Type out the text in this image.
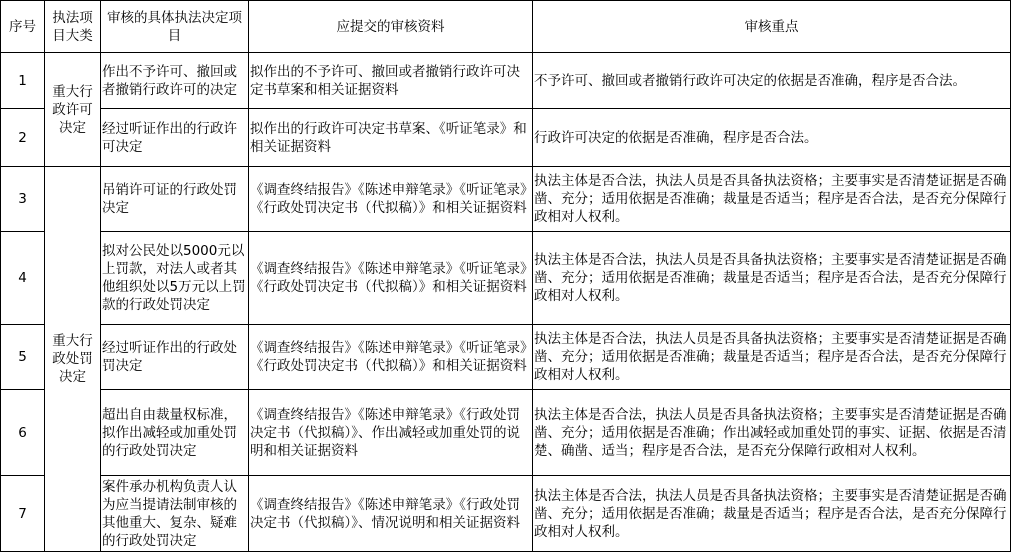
序号	执法项目大类	审核的具体执法决定项目	应提交的审核资料	审核重点
1	重大行政许可决定	作出不予许可、撤回或者撤销行政许可的决定	拟作出的不予许可、撤回或者撤销行政许可决定书草案和相关证据资料	不予许可、撤回或者撤销行政许可决定的依据是否准确，程序是否合法。
2		经过听证作出的行政许可决定	拟作出的行政许可决定书草案、《听证笔录》和相关证据资料	行政许可决定的依据是否准确，程序是否合法。
3	重大行政处罚决定	吊销许可证的行政处罚决定	《调查终结报告》《陈述申辩笔录》《听证笔录》《行政处罚决定书（代拟稿）》和相关证据资料	执法主体是否合法，执法人员是否具备执法资格；主要事实是否清楚证据是否确凿、充分；适用依据是否准确；裁量是否适当；程序是否合法，是否充分保障行政相对人权利。
4		拟对公民处以5000元以上罚款，对法人或者其他组织处以5万元以上罚款的行政处罚决定	《调查终结报告》《陈述申辩笔录》《听证笔录》《行政处罚决定书（代拟稿）》和相关证据资料	执法主体是否合法，执法人员是否具备执法资格；主要事实是否清楚证据是否确凿、充分；适用依据是否准确；裁量是否适当；程序是否合法，是否充分保障行政相对人权利。
5		经过听证作出的行政处罚决定	《调查终结报告》《陈述申辩笔录》《听证笔录》《行政处罚决定书（代拟稿）》和相关证据资料	执法主体是否合法，执法人员是否具备执法资格；主要事实是否清楚证据是否确凿、充分；适用依据是否准确；裁量是否适当；程序是否合法，是否充分保障行政相对人权利。
6		超出自由裁量权标准，拟作出减轻或加重处罚的行政处罚决定	《调查终结报告》《陈述申辩笔录》《行政处罚决定书（代拟稿）》、作出减轻或加重处罚的说明和相关证据资料	执法主体是否合法，执法人员是否具备执法资格；主要事实是否清楚证据是否确凿、充分；适用依据是否准确；作出减轻或加重处罚的事实、证据、依据是否清楚、确凿、适当；程序是否合法，是否充分保障行政相对人权利。
7		案件承办机构负责人认为应当提请法制审核的其他重大、复杂、疑难的行政处罚决定	《调查终结报告》《陈述申辩笔录》《行政处罚决定书（代拟稿）》、情况说明和相关证据资料	执法主体是否合法，执法人员是否具备执法资格；主要事实是否清楚证据是否确凿、充分；适用依据是否准确；裁量是否适当；程序是否合法，是否充分保障行政相对人权利。
